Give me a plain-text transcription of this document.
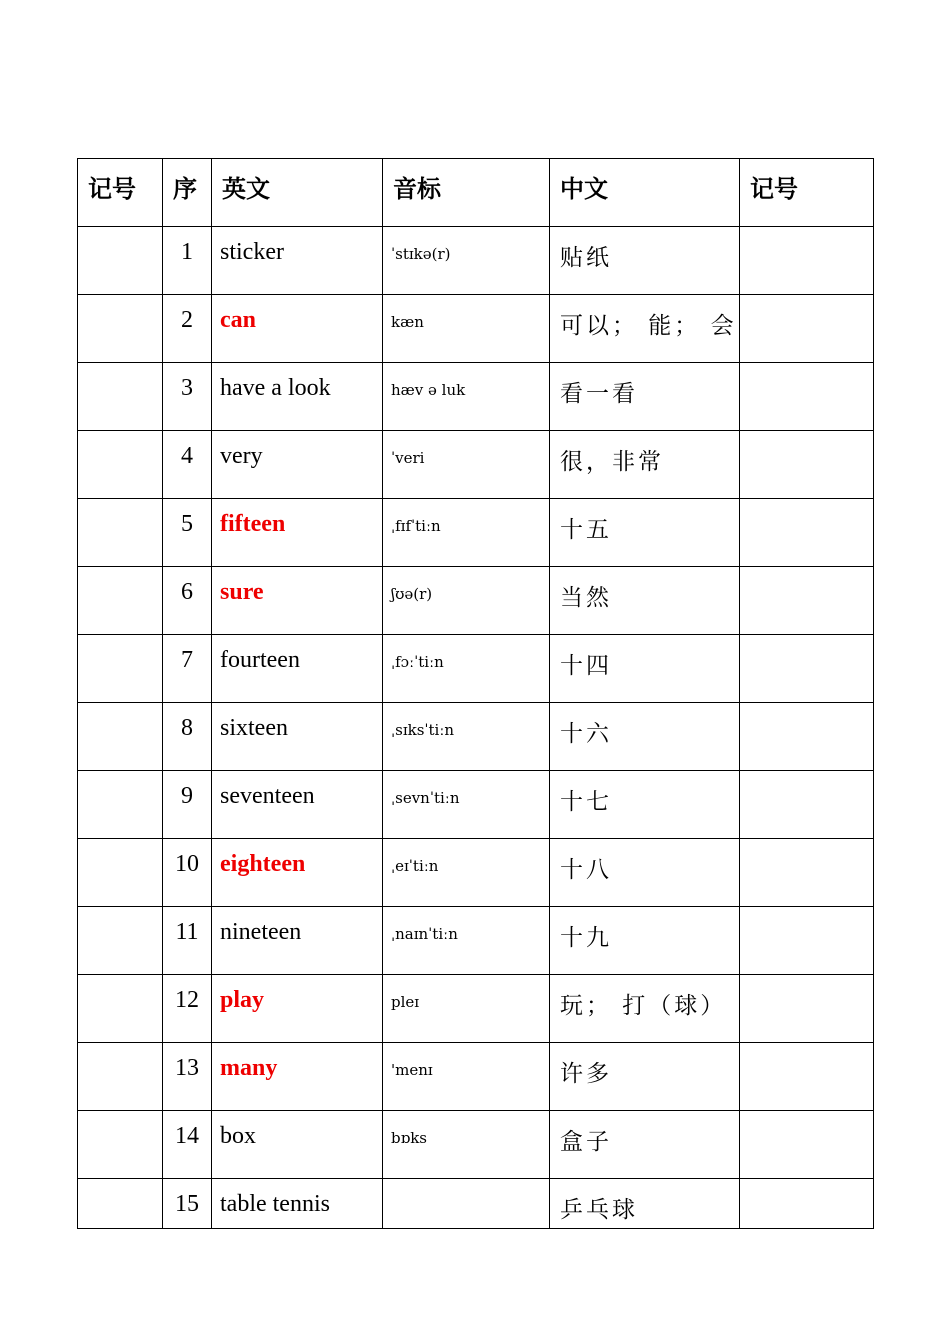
记号	序	英文	音标	中文	记号
	1	sticker	ˈstɪkə(r)	贴纸	
	2	can	kæn	可以； 能； 会	
	3	have a look	hæv ə luk	看一看	
	4	very	ˈveri	很，非常	
	5	fifteen	ˌfɪfˈtiːn	十五	
	6	sure	ʃʊə(r)	当然	
	7	fourteen	ˌfɔːˈtiːn	十四	
	8	sixteen	ˌsɪksˈtiːn	十六	
	9	seventeen	ˌsevnˈtiːn	十七	
	10	eighteen	ˌeɪˈtiːn	十八	
	11	nineteen	ˌnaɪnˈtiːn	十九	
	12	play	pleɪ	玩； 打（球）	
	13	many	'menɪ	许多	
	14	box	bɒks	盒子	
	15	table tennis		乒乓球	
